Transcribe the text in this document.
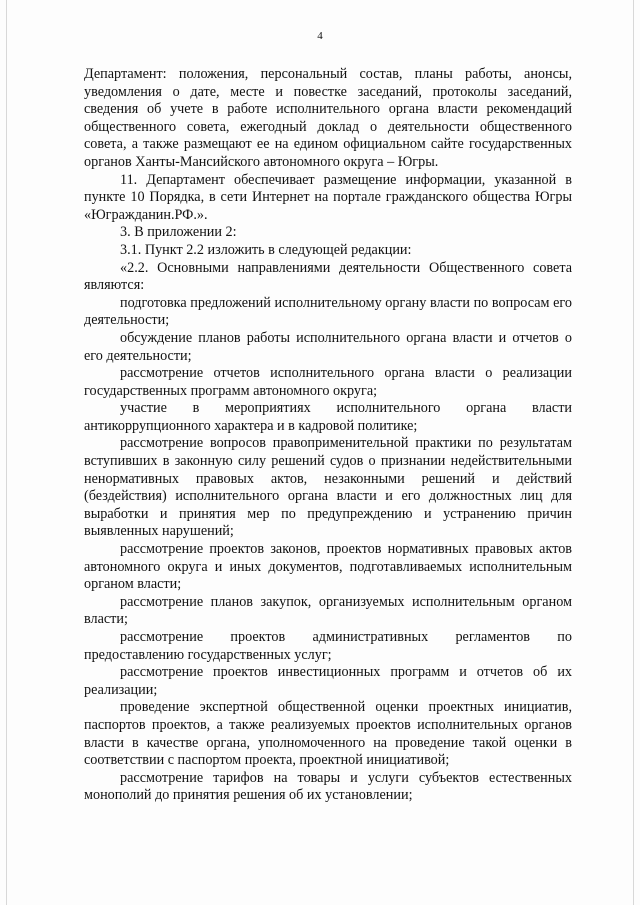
4

Департамент: положения, персональный состав, планы работы, анонсы, уведомления о дате, месте и повестке заседаний, протоколы заседаний, сведения об учете в работе исполнительного органа власти рекомендаций общественного совета, ежегодный доклад о деятельности общественного совета, а также размещают ее на едином официальном сайте государственных органов Ханты-Мансийского автономного округа – Югры.

11. Департамент обеспечивает размещение информации, указанной в пункте 10 Порядка, в сети Интернет на портале гражданского общества Югры «Югражданин.РФ.».

3. В приложении 2:

3.1. Пункт 2.2 изложить в следующей редакции:

«2.2. Основными направлениями деятельности Общественного совета являются:

подготовка предложений исполнительному органу власти по вопросам его деятельности;

обсуждение планов работы исполнительного органа власти и отчетов о его деятельности;

рассмотрение отчетов исполнительного органа власти о реализации государственных программ автономного округа;

участие в мероприятиях исполнительного органа власти антикоррупционного характера и в кадровой политике;

рассмотрение вопросов правоприменительной практики по результатам вступивших в законную силу решений судов о признании недействительными ненормативных правовых актов, незаконными решений и действий (бездействия) исполнительного органа власти и его должностных лиц для выработки и принятия мер по предупреждению и устранению причин выявленных нарушений;

рассмотрение проектов законов, проектов нормативных правовых актов автономного округа и иных документов, подготавливаемых исполнительным органом власти;

рассмотрение планов закупок, организуемых исполнительным органом власти;

рассмотрение проектов административных регламентов по предоставлению государственных услуг;

рассмотрение проектов инвестиционных программ и отчетов об их реализации;

проведение экспертной общественной оценки проектных инициатив, паспортов проектов, а также реализуемых проектов исполнительных органов власти в качестве органа, уполномоченного на проведение такой оценки в соответствии с паспортом проекта, проектной инициативой;

рассмотрение тарифов на товары и услуги субъектов естественных монополий до принятия решения об их установлении;
